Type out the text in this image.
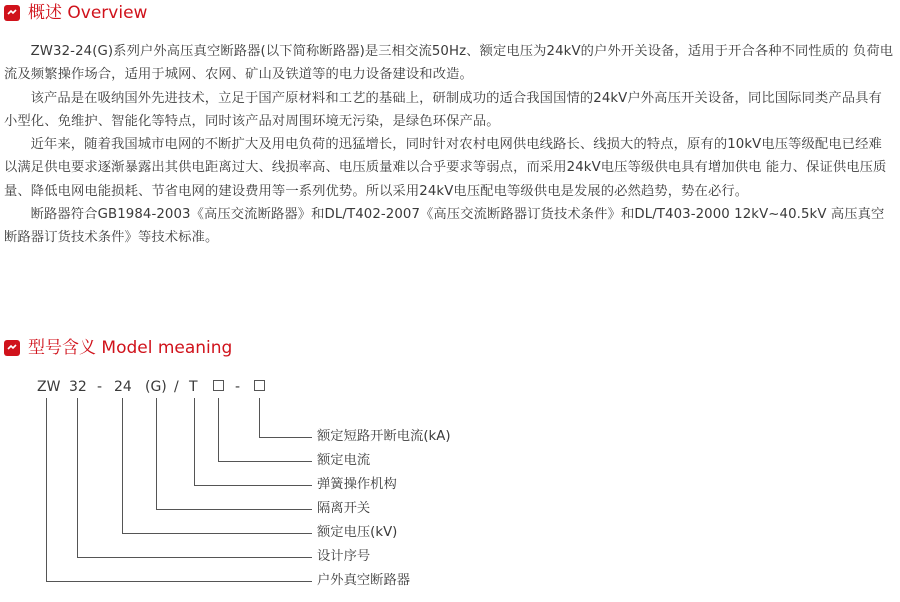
概述 Overview

ZW32-24(G)系列户外高压真空断路器(以下简称断路器)是三相交流50Hz、额定电压为24kV的户外开关设备，适用于开合各种不同性质的 负荷电流及频繁操作场合，适用于城网、农网、矿山及铁道等的电力设备建设和改造。

该产品是在吸纳国外先进技术，立足于国产原材料和工艺的基础上，研制成功的适合我国国情的24kV户外高压开关设备，同比国际同类产品具有小型化、免维护、智能化等特点，同时该产品对周围环境无污染，是绿色环保产品。

近年来，随着我国城市电网的不断扩大及用电负荷的迅猛增长，同时针对农村电网供电线路长、线损大的特点，原有的10kV电压等级配电已经难以满足供电要求逐渐暴露出其供电距离过大、线损率高、电压质量难以合乎要求等弱点，而采用24kV电压等级供电具有增加供电 能力、保证供电压质量、降低电网电能损耗、节省电网的建设费用等一系列优势。所以采用24kV电压配电等级供电是发展的必然趋势，势在必行。

断路器符合GB1984-2003《高压交流断路器》和DL/T402-2007《高压交流断路器订货技术条件》和DL/T403-2000 12kV~40.5kV 高压真空断路器订货技术条件》等技术标准。

型号含义 Model meaning
ZW 32 - 24 (G) / T	-
额定短路开断电流(kA)
额定电流
弹簧操作机构
隔离开关
额定电压(kV)
设计序号
户外真空断路器
